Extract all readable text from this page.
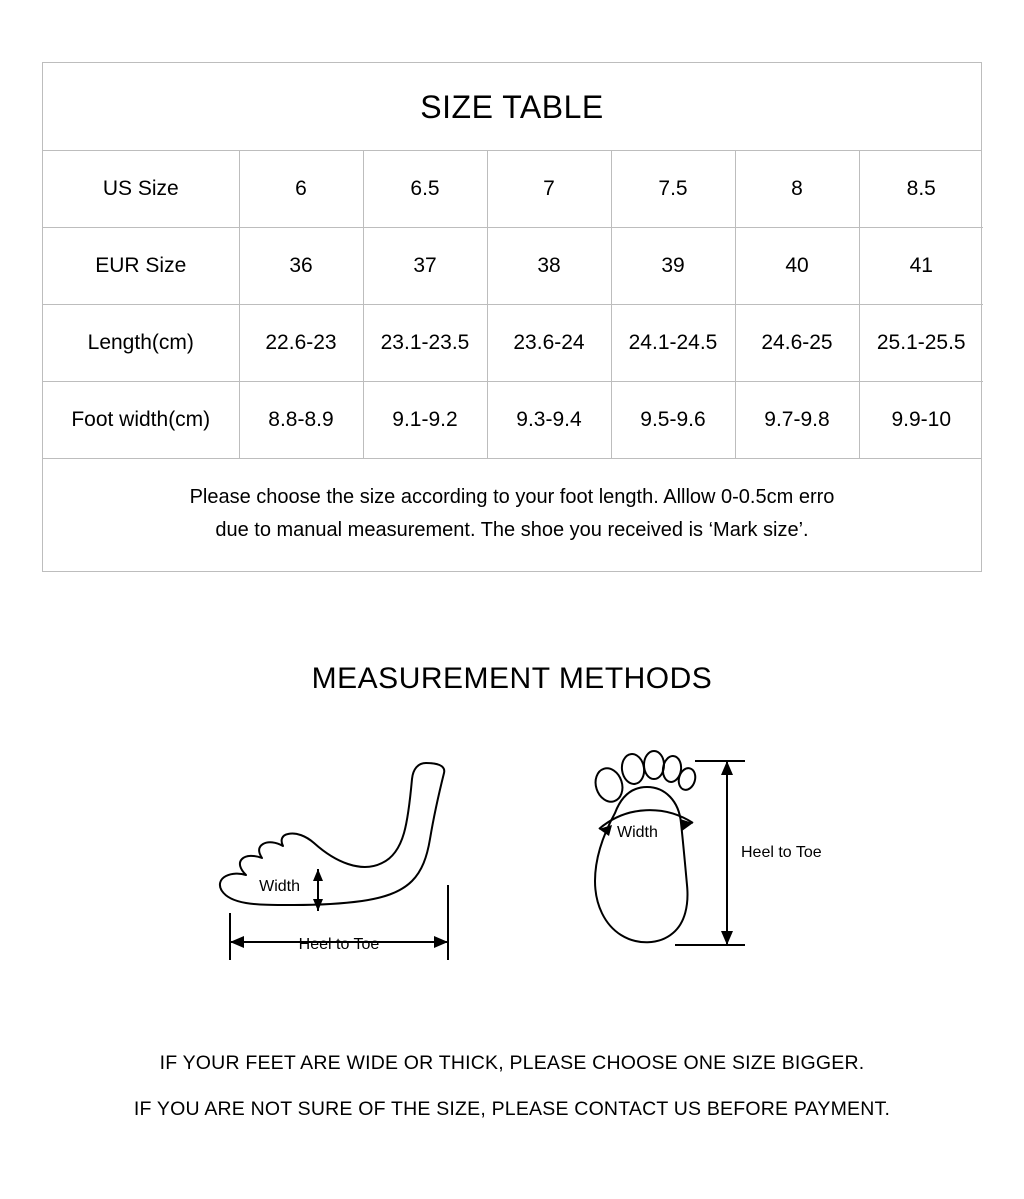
SIZE TABLE
US Size	6	6.5	7	7.5	8	8.5
EUR Size	36	37	38	39	40	41
Length(cm)	22.6-23	23.1-23.5	23.6-24	24.1-24.5	24.6-25	25.1-25.5
Foot width(cm)	8.8-8.9	9.1-9.2	9.3-9.4	9.5-9.6	9.7-9.8	9.9-10
Please choose the size according to your foot length. Alllow 0-0.5cm erro
due to manual measurement. The shoe you received is ‘Mark size’.
MEASUREMENT METHODS
Width
Heel to Toe
Width
Heel to Toe
IF YOUR FEET ARE WIDE OR THICK, PLEASE CHOOSE ONE SIZE BIGGER.
IF YOU ARE NOT SURE OF THE SIZE, PLEASE CONTACT US BEFORE PAYMENT.
